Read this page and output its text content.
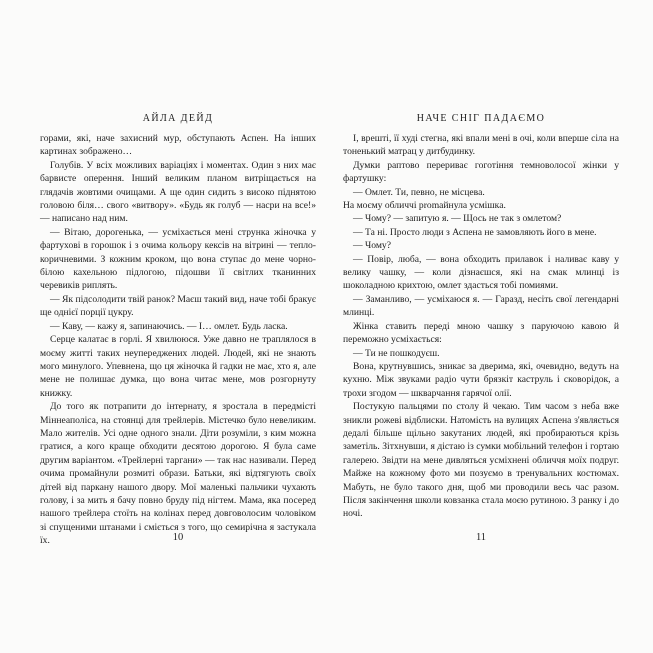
АЙЛА ДЕЙД

горами, які, наче захисний мур, обступають Аспен. На інших картинах зображено…

Голубів. У всіх можливих варіаціях і моментах. Один з них має барвисте оперення. Інший великим планом витріщається на глядачів жовтими очищами. А ще один сидить з високо піднятою головою біля… свого «витвору». «Будь як голуб — насри на все!» — написано над ним.

— Вітаю, дорогенька, — усміхається мені струнка жіночка у фартухові в горошок і з очима кольору кексів на вітрині — тепло-коричневими. З кожним кроком, що вона ступає до мене чорно-білою кахельною підлогою, підошви її світлих тканинних черевиків риплять.

— Як підсолодити твій ранок? Маєш такий вид, наче тобі бракує ще однієї порції цукру.

— Каву, — кажу я, запинаючись. — І… омлет. Будь ласка.

Серце калатає в горлі. Я хвилююся. Уже давно не траплялося в моєму житті таких неупереджених людей. Людей, які не знають мого минулого. Упевнена, що ця жіночка й гадки не має, хто я, але мене не полишає думка, що вона читає мене, мов розгорнуту книжку.

До того як потрапити до інтернату, я зростала в передмісті Міннеаполіса, на стоянці для трейлерів. Містечко було невеликим. Мало жителів. Усі одне одного знали. Діти розуміли, з ким можна гратися, а кого краще обходити десятою дорогою. Я була саме другим варіантом. «Трейлерні таргани» — так нас називали. Перед очима промайнули розмиті образи. Батьки, які відтягують своїх дітей від паркану нашого двору. Мої маленькі пальчики чухають голову, і за мить я бачу повно бруду під нігтем. Мама, яка посеред нашого трейлера стоїть на колінах перед довговолосим чоловіком зі спущеними штанами і сміється з того, що семирічна я застукала їх.

НАЧЕ СНІГ ПАДАЄМО

І, врешті, її худі стегна, які впали мені в очі, коли вперше сіла на тоненький матрац у дитбудинку.

Думки раптово перериває гоготіння темноволосої жінки у фартушку:

— Омлет. Ти, певно, не місцева.

На моєму обличчі promайнула усмішка.

— Чому? — запитую я. — Щось не так з омлетом?

— Та ні. Просто люди з Аспена не замовляють його в мене.

— Чому?

— Повір, люба, — вона обходить прилавок і наливає каву у велику чашку, — коли дізнаєшся, які на смак млинці із шоколадною крихтою, омлет здасться тобі помиями.

— Заманливо, — усміхаюся я. — Гаразд, несіть свої легендарні млинці.

Жінка ставить переді мною чашку з паруючою кавою й переможно усміхається:

— Ти не пошкодуєш.

Вона, крутнувшись, зникає за дверима, які, очевидно, ведуть на кухню. Між звуками радіо чути брязкіт каструль і сковорідок, а трохи згодом — шкварчання гарячої олії.

Постукую пальцями по столу й чекаю. Тим часом з неба вже зникли рожеві відблиски. Натомість на вулицях Аспена з'являється дедалі більше щільно закутаних людей, які пробираються крізь заметіль. Зітхнувши, я дістаю із сумки мобільний телефон і гортаю галерею. Звідти на мене дивляться усміхнені обличчя моїх подруг. Майже на кожному фото ми позуємо в тренувальних костюмах. Мабуть, не було такого дня, щоб ми проводили весь час разом. Після закінчення школи ковзанка стала моєю рутиною. З ранку і до ночі.

10	11
